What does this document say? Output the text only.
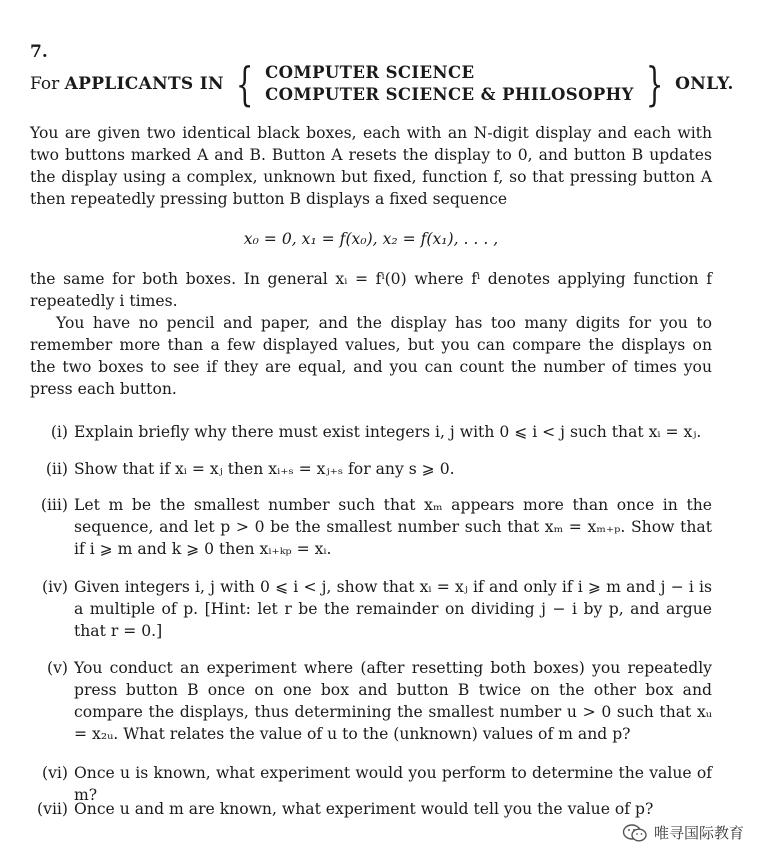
7.
For APPLICANTS IN { COMPUTER SCIENCE
COMPUTER SCIENCE & PHILOSOPHY } ONLY.
You are given two identical black boxes, each with an N-digit display and each with two buttons marked A and B. Button A resets the display to 0, and button B updates the display using a complex, unknown but fixed, function f, so that pressing button A then repeatedly pressing button B displays a fixed sequence
x₀ = 0, x₁ = f(x₀), x₂ = f(x₁), . . . ,
the same for both boxes. In general xᵢ = fⁱ(0) where fⁱ denotes applying function f repeatedly i times.
You have no pencil and paper, and the display has too many digits for you to remember more than a few displayed values, but you can compare the displays on the two boxes to see if they are equal, and you can count the number of times you press each button.
(i) Explain briefly why there must exist integers i, j with 0 ⩽ i < j such that xᵢ = xⱼ.
(ii) Show that if xᵢ = xⱼ then xᵢ₊ₛ = xⱼ₊ₛ for any s ⩾ 0.
(iii) Let m be the smallest number such that xₘ appears more than once in the sequence, and let p > 0 be the smallest number such that xₘ = xₘ₊ₚ. Show that if i ⩾ m and k ⩾ 0 then xᵢ₊ₖₚ = xᵢ.
(iv) Given integers i, j with 0 ⩽ i < j, show that xᵢ = xⱼ if and only if i ⩾ m and j − i is a multiple of p. [Hint: let r be the remainder on dividing j − i by p, and argue that r = 0.]
(v) You conduct an experiment where (after resetting both boxes) you repeatedly press button B once on one box and button B twice on the other box and compare the displays, thus determining the smallest number u > 0 such that xᵤ = x₂ᵤ. What relates the value of u to the (unknown) values of m and p?
(vi) Once u is known, what experiment would you perform to determine the value of m?
(vii) Once u and m are known, what experiment would tell you the value of p?
唯寻国际教育
